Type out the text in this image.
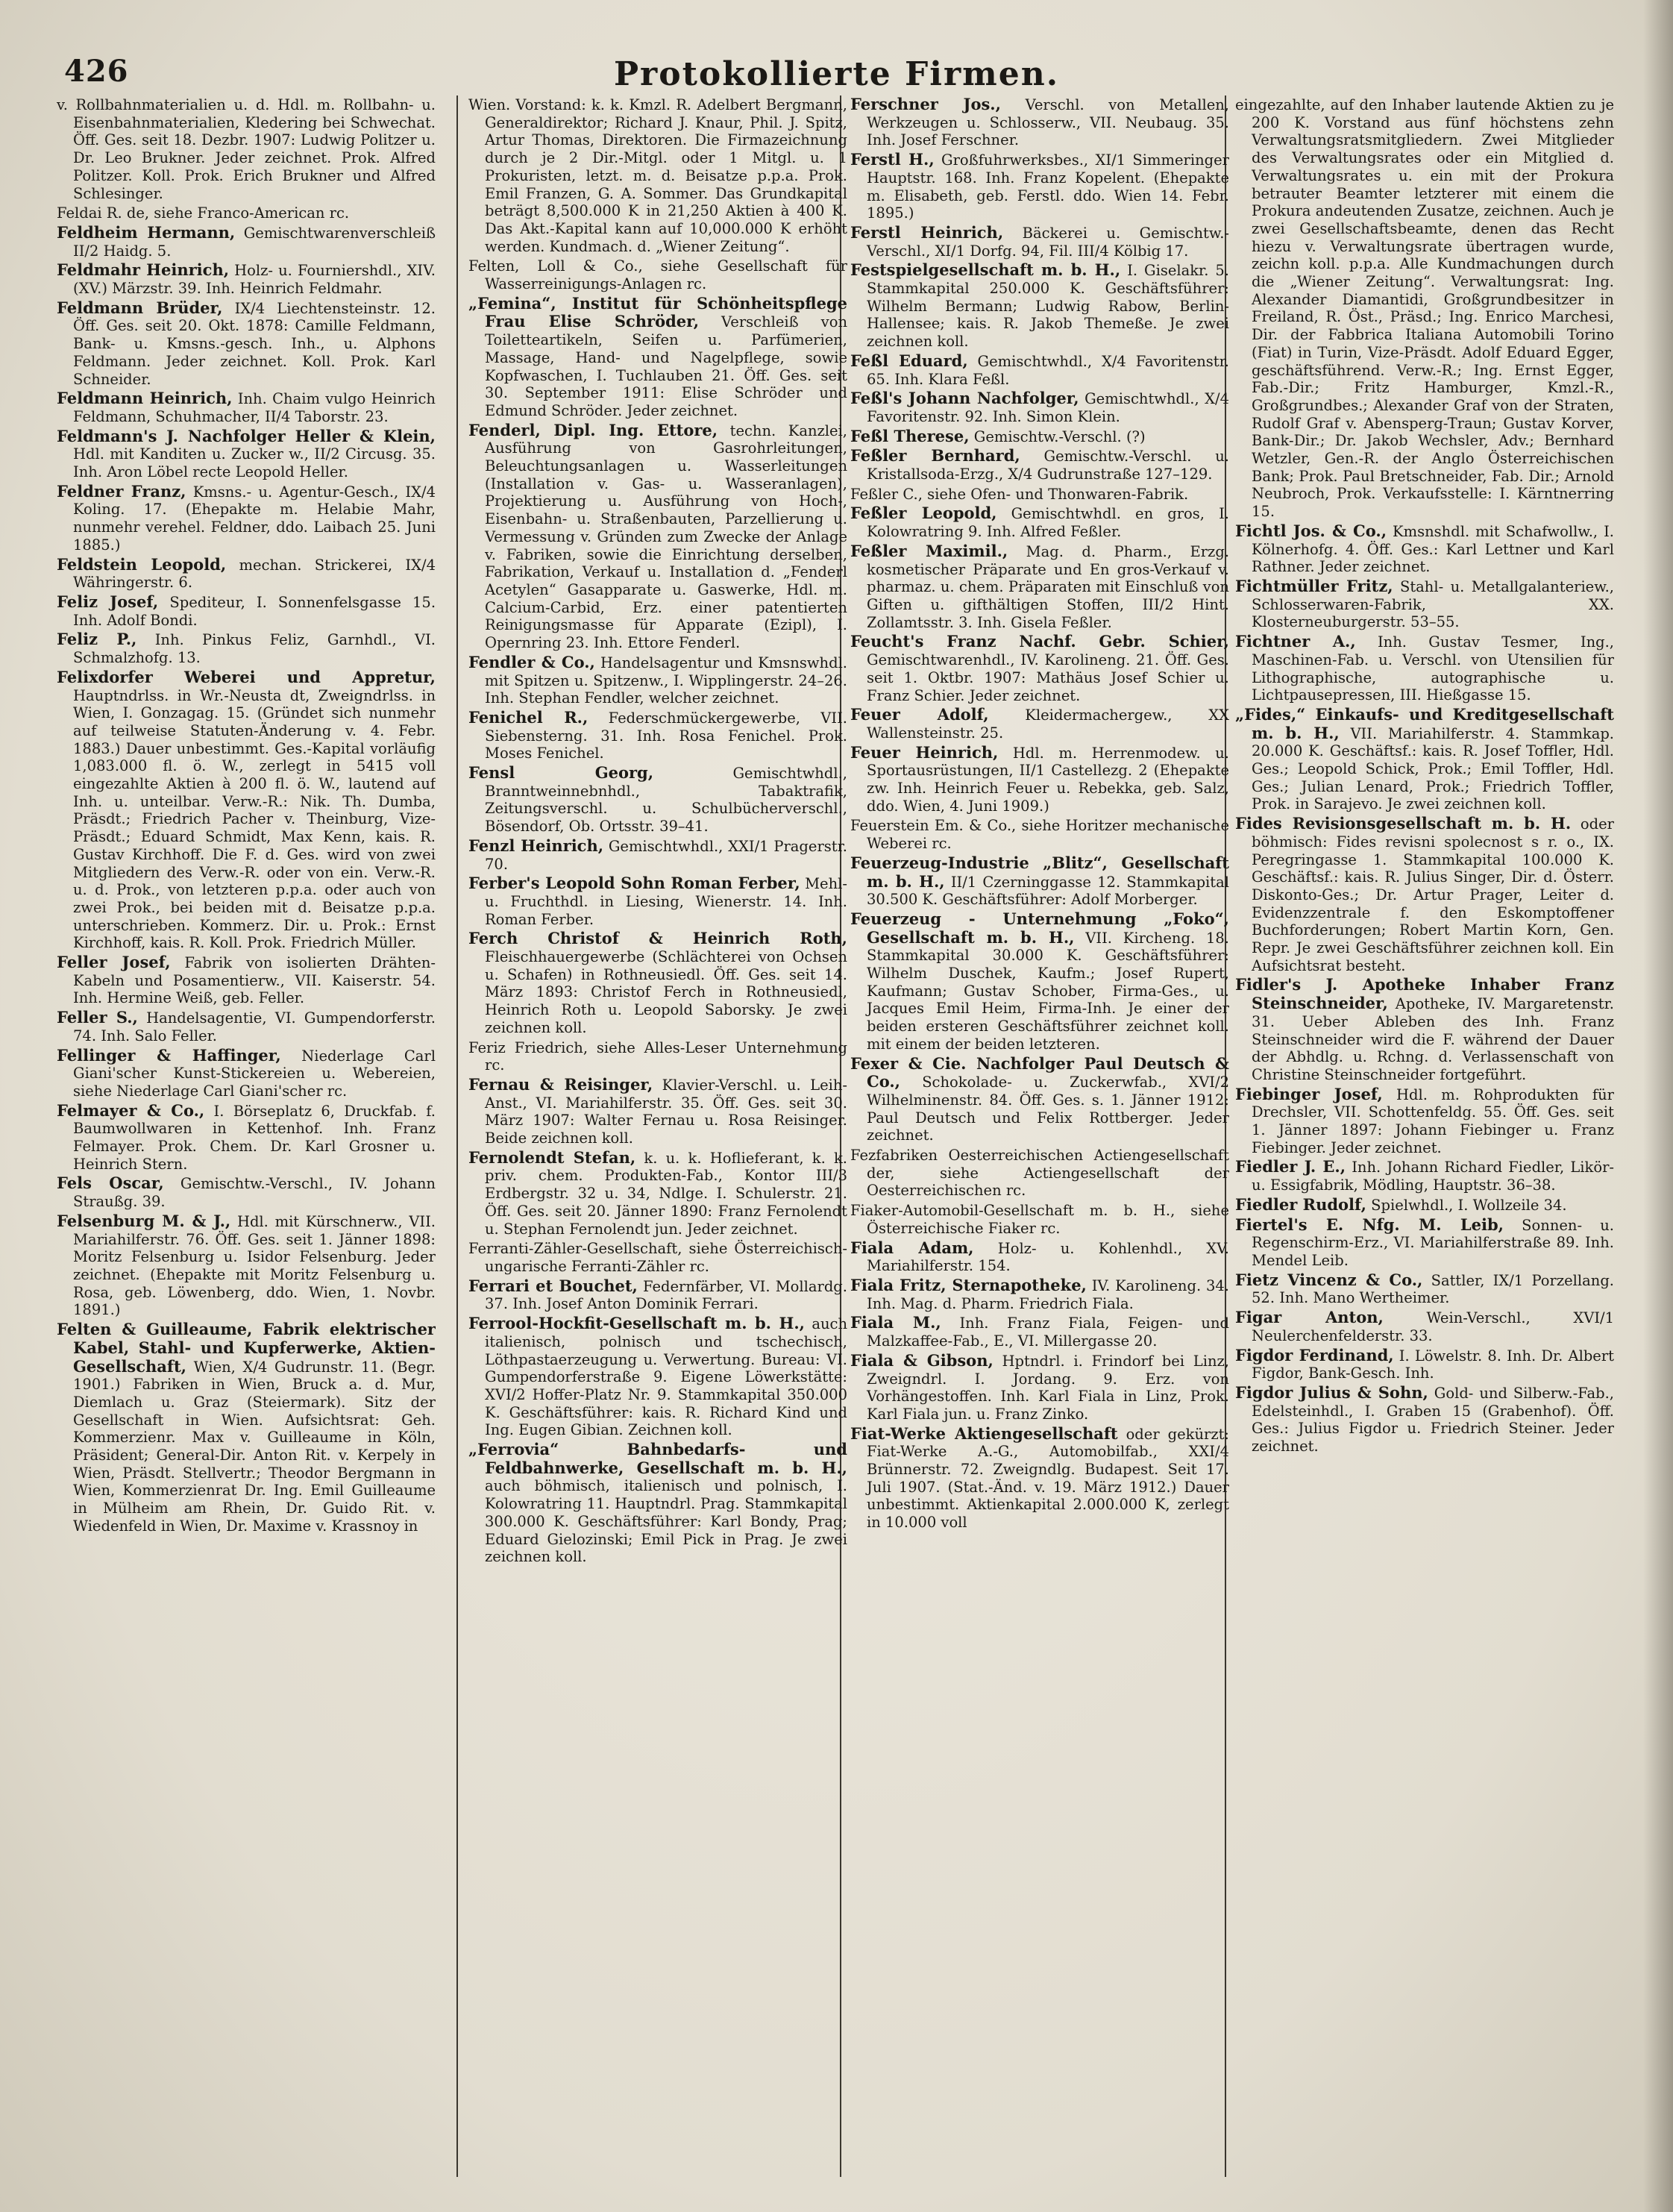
426	Protokollierte Firmen.

v. Rollbahnmaterialien u. d. Hdl. m. Rollbahn- u. Eisenbahnmaterialien, Kledering bei Schwechat. Öff. Ges. seit 18. Dezbr. 1907: Ludwig Politzer u. Dr. Leo Brukner. Jeder zeichnet. Prok. Alfred Politzer. Koll. Prok. Erich Brukner und Alfred Schlesinger.

Feldai R. de, siehe Franco-American rc.

Feldheim Hermann, Gemischtwarenverschleiß II/2 Haidg. 5.

Feldmahr Heinrich, Holz- u. Fourniershdl., XIV. (XV.) Märzstr. 39. Inh. Heinrich Feldmahr.

Feldmann Brüder, IX/4 Liechtensteinstr. 12. Öff. Ges. seit 20. Okt. 1878: Camille Feldmann, Bank- u. Kmsns.-gesch. Inh., u. Alphons Feldmann. Jeder zeichnet. Koll. Prok. Karl Schneider.

Feldmann Heinrich, Inh. Chaim vulgo Heinrich Feldmann, Schuhmacher, II/4 Taborstr. 23.

Feldmann's J. Nachfolger Heller & Klein, Hdl. mit Kanditen u. Zucker w., II/2 Circusg. 35. Inh. Aron Löbel recte Leopold Heller.

Feldner Franz, Kmsns.- u. Agentur-Gesch., IX/4 Koling. 17. (Ehepakte m. Helabie Mahr, nunmehr verehel. Feldner, ddo. Laibach 25. Juni 1885.)

Feldstein Leopold, mechan. Strickerei, IX/4 Währingerstr. 6.

Feliz Josef, Spediteur, I. Sonnenfelsgasse 15. Inh. Adolf Bondi.

Feliz P., Inh. Pinkus Feliz, Garnhdl., VI. Schmalzhofg. 13.

Felixdorfer Weberei und Appretur, Hauptndrlss. in Wr.-Neusta dt, Zweigndrlss. in Wien, I. Gonzagag. 15. (Gründet sich nunmehr auf teilweise Statuten-Änderung v. 4. Febr. 1883.) Dauer unbestimmt. Ges.-Kapital vorläufig 1,083.000 fl. ö. W., zerlegt in 5415 voll eingezahlte Aktien à 200 fl. ö. W., lautend auf Inh. u. unteilbar. Verw.-R.: Nik. Th. Dumba, Präsdt.; Friedrich Pacher v. Theinburg, Vize-Präsdt.; Eduard Schmidt, Max Kenn, kais. R. Gustav Kirchhoff. Die F. d. Ges. wird von zwei Mitgliedern des Verw.-R. oder von ein. Verw.-R. u. d. Prok., von letzteren p.p.a. oder auch von zwei Prok., bei beiden mit d. Beisatze p.p.a. unterschrieben. Kommerz. Dir. u. Prok.: Ernst Kirchhoff, kais. R. Koll. Prok. Friedrich Müller.

Feller Josef, Fabrik von isolierten Drähten-Kabeln und Posamentierw., VII. Kaiserstr. 54. Inh. Hermine Weiß, geb. Feller.

Feller S., Handelsagentie, VI. Gumpendorferstr. 74. Inh. Salo Feller.

Fellinger & Haffinger, Niederlage Carl Giani'scher Kunst-Stickereien u. Webereien, siehe Niederlage Carl Giani'scher rc.

Felmayer & Co., I. Börseplatz 6, Druckfab. f. Baumwollwaren in Kettenhof. Inh. Franz Felmayer. Prok. Chem. Dr. Karl Grosner u. Heinrich Stern.

Fels Oscar, Gemischtw.-Verschl., IV. Johann Straußg. 39.

Felsenburg M. & J., Hdl. mit Kürschnerw., VII. Mariahilferstr. 76. Öff. Ges. seit 1. Jänner 1898: Moritz Felsenburg u. Isidor Felsenburg. Jeder zeichnet. (Ehepakte mit Moritz Felsenburg u. Rosa, geb. Löwenberg, ddo. Wien, 1. Novbr. 1891.)

Felten & Guilleaume, Fabrik elektrischer Kabel, Stahl- und Kupferwerke, Aktien-Gesellschaft, Wien, X/4 Gudrunstr. 11. (Begr. 1901.) Fabriken in Wien, Bruck a. d. Mur, Diemlach u. Graz (Steiermark). Sitz der Gesellschaft in Wien. Aufsichtsrat: Geh. Kommerzienr. Max v. Guilleaume in Köln, Präsident; General-Dir. Anton Rit. v. Kerpely in Wien, Präsdt. Stellvertr.; Theodor Bergmann in Wien, Kommerzienrat Dr. Ing. Emil Guilleaume in Mülheim am Rhein, Dr. Guido Rit. v. Wiedenfeld in Wien, Dr. Maxime v. Krassnoy in

Wien. Vorstand: k. k. Kmzl. R. Adelbert Bergmann, Generaldirektor; Richard J. Knaur, Phil. J. Spitz, Artur Thomas, Direktoren. Die Firmazeichnung durch je 2 Dir.-Mitgl. oder 1 Mitgl. u. 1 Prokuristen, letzt. m. d. Beisatze p.p.a. Prok. Emil Franzen, G. A. Sommer. Das Grundkapital beträgt 8,500.000 K in 21,250 Aktien à 400 K. Das Akt.-Kapital kann auf 10,000.000 K erhöht werden. Kundmach. d. „Wiener Zeitung“.

Felten, Loll & Co., siehe Gesellschaft für Wasserreinigungs-Anlagen rc.

„Femina“, Institut für Schönheitspflege Frau Elise Schröder, Verschleiß von Toiletteartikeln, Seifen u. Parfümerien, Massage, Hand- und Nagelpflege, sowie Kopfwaschen, I. Tuchlauben 21. Öff. Ges. seit 30. September 1911: Elise Schröder und Edmund Schröder. Jeder zeichnet.

Fenderl, Dipl. Ing. Ettore, techn. Kanzlei, Ausführung von Gasrohrleitungen, Beleuchtungsanlagen u. Wasserleitungen (Installation v. Gas- u. Wasseranlagen), Projektierung u. Ausführung von Hoch-, Eisenbahn- u. Straßenbauten, Parzellierung u. Vermessung v. Gründen zum Zwecke der Anlage v. Fabriken, sowie die Einrichtung derselben, Fabrikation, Verkauf u. Installation d. „Fenderl Acetylen“ Gasapparate u. Gaswerke, Hdl. m. Calcium-Carbid, Erz. einer patentierten Reinigungsmasse für Apparate (Ezipl), I. Opernring 23. Inh. Ettore Fenderl.

Fendler & Co., Handelsagentur und Kmsnswhdl. mit Spitzen u. Spitzenw., I. Wipplingerstr. 24–26. Inh. Stephan Fendler, welcher zeichnet.

Fenichel R., Federschmückergewerbe, VII. Siebensterng. 31. Inh. Rosa Fenichel. Prok. Moses Fenichel.

Fensl Georg,	Gemischtwhdl., Branntweinnebnhdl., Tabaktrafik, Zeitungsverschl. u. Schulbücherverschl., Bösendorf, Ob. Ortsstr. 39–41.

Fenzl Heinrich, Gemischtwhdl., XXI/1 Pragerstr. 70.

Ferber's Leopold Sohn Roman Ferber, Mehl- u. Fruchthdl. in Liesing, Wienerstr. 14. Inh. Roman Ferber.

Ferch Christof & Heinrich Roth, Fleischhauergewerbe (Schlächterei von Ochsen u. Schafen) in Rothneusiedl. Öff. Ges. seit 14. März 1893: Christof Ferch in Rothneusiedl, Heinrich Roth u. Leopold Saborsky. Je zwei zeichnen koll.

Feriz Friedrich, siehe Alles-Leser Unternehmung rc.

Fernau & Reisinger, Klavier-Verschl. u. Leih-Anst., VI. Mariahilferstr. 35. Öff. Ges. seit 30. März 1907: Walter Fernau u. Rosa Reisinger. Beide zeichnen koll.

Fernolendt Stefan, k. u. k. Hoflieferant, k. k. priv. chem. Produkten-Fab., Kontor III/3 Erdbergstr. 32 u. 34, Ndlge. I. Schulerstr. 21. Öff. Ges. seit 20. Jänner 1890: Franz Fernolendt u. Stephan Fernolendt jun. Jeder zeichnet.

Ferranti-Zähler-Gesellschaft, siehe Österreichisch-ungarische Ferranti-Zähler rc.

Ferrari et Bouchet, Federnfärber, VI. Mollardg. 37. Inh. Josef Anton Dominik Ferrari.

Ferrool-Hockfit-Gesellschaft m. b. H., auch italienisch, polnisch und tschechisch, Löthpastaerzeugung u. Verwertung. Bureau: VI. Gumpendorferstraße 9. Eigene Löwerkstätte: XVI/2 Hoffer-Platz Nr. 9. Stammkapital 350.000 K. Geschäftsführer: kais. R. Richard Kind und Ing. Eugen Gibian. Zeichnen koll.

„Ferrovia“ Bahnbedarfs- und Feldbahnwerke, Gesellschaft m. b. H., auch böhmisch, italienisch und polnisch, I. Kolowratring 11. Hauptndrl. Prag. Stammkapital 300.000 K. Geschäftsführer: Karl Bondy, Prag; Eduard Gielozinski; Emil Pick in Prag. Je zwei zeichnen koll.

Ferschner Jos., Verschl. von Metallen, Werkzeugen u. Schlosserw., VII. Neubaug. 35. Inh. Josef Ferschner.

Ferstl H., Großfuhrwerksbes., XI/1 Simmeringer Hauptstr. 168. Inh. Franz Kopelent. (Ehepakte m. Elisabeth, geb. Ferstl. ddo. Wien 14. Febr. 1895.)

Ferstl Heinrich, Bäckerei u. Gemischtw.-Verschl., XI/1 Dorfg. 94, Fil. III/4 Kölbig 17.

Festspielgesellschaft m. b. H., I. Giselakr. 5. Stammkapital 250.000 K. Geschäftsführer: Wilhelm Bermann; Ludwig Rabow, Berlin-Hallensee; kais. R. Jakob Themeße. Je zwei zeichnen koll.

Feßl Eduard, Gemischtwhdl., X/4 Favoritenstr. 65. Inh. Klara Feßl.

Feßl's Johann Nachfolger, Gemischtwhdl., X/4 Favoritenstr. 92. Inh. Simon Klein.

Feßl Therese, Gemischtw.-Verschl. (?)

Feßler Bernhard, Gemischtw.-Verschl. u. Kristallsoda-Erzg., X/4 Gudrunstraße 127–129.

Feßler C., siehe Ofen- und Thonwaren-Fabrik.

Feßler Leopold, Gemischtwhdl. en gros, I. Kolowratring 9. Inh. Alfred Feßler.

Feßler Maximil., Mag. d. Pharm., Erzg. kosmetischer Präparate und En gros-Verkauf v. pharmaz. u. chem. Präparaten mit Einschluß von Giften u. gifthältigen Stoffen, III/2 Hint. Zollamtsstr. 3. Inh. Gisela Feßler.

Feucht's Franz Nachf. Gebr. Schier, Gemischtwarenhdl., IV. Karolineng. 21. Öff. Ges. seit 1. Oktbr. 1907: Mathäus Josef Schier u. Franz Schier. Jeder zeichnet.

Feuer Adolf,	Kleidermachergew., XX Wallensteinstr. 25.

Feuer Heinrich, Hdl. m. Herrenmodew. u. Sportausrüstungen, II/1 Castellezg. 2 (Ehepakte zw. Inh. Heinrich Feuer u. Rebekka, geb. Salz, ddo. Wien, 4. Juni 1909.)

Feuerstein Em. & Co., siehe Horitzer mechanische Weberei rc.

Feuerzeug-Industrie „Blitz“, Gesellschaft m. b. H., II/1 Czerninggasse 12. Stammkapital 30.500 K. Geschäftsführer: Adolf Morberger.

Feuerzeug - Unternehmung „Foko“, Gesellschaft m. b. H., VII. Kircheng. 18. Stammkapital 30.000 K. Geschäftsführer: Wilhelm Duschek, Kaufm.; Josef Rupert, Kaufmann; Gustav Schober, Firma-Ges., u. Jacques Emil Heim, Firma-Inh. Je einer der beiden ersteren Geschäftsführer zeichnet koll. mit einem der beiden letzteren.

Fexer & Cie. Nachfolger Paul Deutsch & Co., Schokolade- u. Zuckerwfab., XVI/2 Wilhelminenstr. 84. Öff. Ges. s. 1. Jänner 1912: Paul Deutsch und Felix Rottberger. Jeder zeichnet.

Fezfabriken Oesterreichischen Actiengesellschaft der, siehe Actiengesellschaft der Oesterreichischen rc.

Fiaker-Automobil-Gesellschaft m. b. H., siehe Österreichische Fiaker rc.

Fiala Adam, Holz- u. Kohlenhdl., XV. Mariahilferstr. 154.

Fiala Fritz, Sternapotheke, IV. Karolineng. 34. Inh. Mag. d. Pharm. Friedrich Fiala.

Fiala M., Inh. Franz Fiala, Feigen- und Malzkaffee-Fab., E., VI. Millergasse 20.

Fiala & Gibson, Hptndrl. i. Frindorf bei Linz, Zweigndrl. I. Jordang. 9. Erz. von Vorhängestoffen. Inh. Karl Fiala in Linz, Prok. Karl Fiala jun. u. Franz Zinko.

Fiat-Werke Aktiengesellschaft oder gekürzt: Fiat-Werke A.-G., Automobilfab., XXI/4 Brünnerstr. 72. Zweigndlg. Budapest. Seit 17. Juli 1907. (Stat.-Änd. v. 19. März 1912.) Dauer unbestimmt. Aktienkapital 2.000.000 K, zerlegt in 10.000 voll

eingezahlte, auf den Inhaber lautende Aktien zu je 200 K. Vorstand aus fünf höchstens zehn Verwaltungsratsmitgliedern. Zwei Mitglieder des Verwaltungsrates oder ein Mitglied d. Verwaltungsrates u. ein mit der Prokura betrauter Beamter letzterer mit einem die Prokura andeutenden Zusatze, zeichnen. Auch je zwei Gesellschaftsbeamte, denen das Recht hiezu v. Verwaltungsrate übertragen wurde, zeichn koll. p.p.a. Alle Kundmachungen durch die „Wiener Zeitung“. Verwaltungsrat: Ing. Alexander Diamantidi, Großgrundbesitzer in Freiland, R. Öst., Präsd.; Ing. Enrico Marchesi, Dir. der Fabbrica Italiana Automobili Torino (Fiat) in Turin, Vize-Präsdt. Adolf Eduard Egger, geschäftsführend. Verw.-R.; Ing. Ernst Egger, Fab.-Dir.; Fritz Hamburger, Kmzl.-R., Großgrundbes.; Alexander Graf von der Straten, Rudolf Graf v. Abensperg-Traun; Gustav Korver, Bank-Dir.; Dr. Jakob Wechsler, Adv.; Bernhard Wetzler, Gen.-R. der Anglo Österreichischen Bank; Prok. Paul Bretschneider, Fab. Dir.; Arnold Neubroch, Prok. Verkaufsstelle: I. Kärntnerring 15.

Fichtl Jos. & Co., Kmsnshdl. mit Schafwollw., I. Kölnerhofg. 4. Öff. Ges.: Karl Lettner und Karl Rathner. Jeder zeichnet.

Fichtmüller Fritz, Stahl- u. Metallgalanteriew., Schlosserwaren-Fabrik, XX. Klosterneuburgerstr. 53–55.

Fichtner A., Inh. Gustav Tesmer, Ing., Maschinen-Fab. u. Verschl. von Utensilien für Lithographische, autographische u. Lichtpausepressen, III. Hießgasse 15.

„Fides,“ Einkaufs- und Kreditgesellschaft m. b. H., VII. Mariahilferstr. 4. Stammkap. 20.000 K. Geschäftsf.: kais. R. Josef Toffler, Hdl. Ges.; Leopold Schick, Prok.; Emil Toffler, Hdl. Ges.; Julian Lenard, Prok.; Friedrich Toffler, Prok. in Sarajevo. Je zwei zeichnen koll.

Fides Revisionsgesellschaft m. b. H. oder böhmisch: Fides revisni spolecnost s r. o., IX. Peregringasse 1. Stammkapital 100.000 K. Geschäftsf.: kais. R. Julius Singer, Dir. d. Österr. Diskonto-Ges.; Dr. Artur Prager, Leiter d. Evidenzzentrale f. den Eskomptoffener Buchforderungen; Robert Martin Korn, Gen. Repr. Je zwei Geschäftsführer zeichnen koll. Ein Aufsichtsrat besteht.

Fidler's J. Apotheke Inhaber Franz Steinschneider, Apotheke, IV. Margaretenstr. 31. Ueber Ableben des Inh. Franz Steinschneider wird die F. während der Dauer der Abhdlg. u. Rchng. d. Verlassenschaft von Christine Steinschneider fortgeführt.

Fiebinger Josef, Hdl. m. Rohprodukten für Drechsler, VII. Schottenfeldg. 55. Öff. Ges. seit 1. Jänner 1897: Johann Fiebinger u. Franz Fiebinger. Jeder zeichnet.

Fiedler J. E., Inh. Johann Richard Fiedler, Likör- u. Essigfabrik, Mödling, Hauptstr. 36–38.

Fiedler Rudolf, Spielwhdl., I. Wollzeile 34.

Fiertel's E. Nfg. M. Leib, Sonnen- u. Regenschirm-Erz., VI. Mariahilferstraße 89. Inh. Mendel Leib.

Fietz Vincenz & Co., Sattler, IX/1 Porzellang. 52. Inh. Mano Wertheimer.

Figar Anton,	Wein-Verschl., XVI/1 Neulerchenfelderstr. 33.

Figdor Ferdinand, I. Löwelstr. 8. Inh. Dr. Albert Figdor, Bank-Gesch. Inh.

Figdor Julius & Sohn, Gold- und Silberw.-Fab., Edelsteinhdl., I. Graben 15 (Grabenhof). Öff. Ges.: Julius Figdor u. Friedrich Steiner. Jeder zeichnet.
